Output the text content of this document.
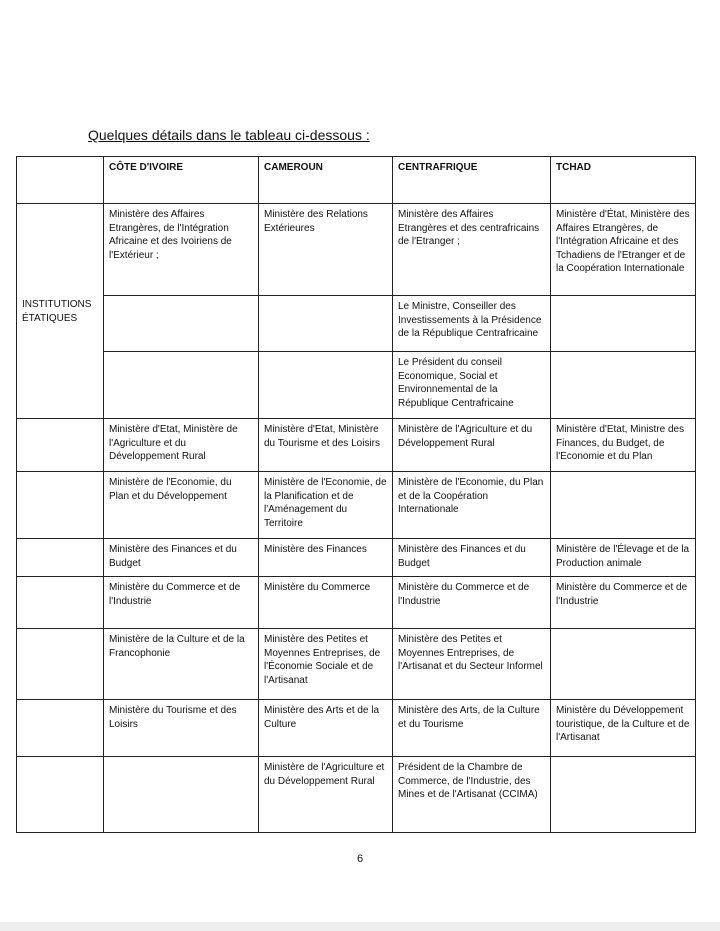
Quelques détails dans le tableau ci-dessous :
	CÔTE D'IVOIRE	CAMEROUN	CENTRAFRIQUE	TCHAD
INSTITUTIONS ÉTATIQUES	Ministère des Affaires Etrangères, de l'Intégration Africaine et des Ivoiriens de l'Extérieur ;	Ministère des Relations Extérieures	Ministère des Affaires Etrangères et des centrafricains de l'Etranger ;	Ministère d'État, Ministère des Affaires Etrangères, de l'Intégration Africaine et des Tchadiens de l'Etranger et de la Coopération Internationale
			Le Ministre, Conseiller des Investissements à la Présidence de la République Centrafricaine	
			Le Président du conseil Economique, Social et Environnemental de la République Centrafricaine	
	Ministère d'Etat, Ministère de l'Agriculture et du Développement Rural	Ministère d'Etat, Ministère du Tourisme et des Loisirs	Ministère de l'Agriculture et du Développement Rural	Ministère d'Etat, Ministre des Finances, du Budget, de l'Economie et du Plan
	Ministère de l'Economie, du Plan et du Développement	Ministère de l'Economie, de la Planification et de l'Aménagement du Territoire	Ministère de l'Economie, du Plan et de la Coopération Internationale	
	Ministère des Finances et du Budget	Ministère des Finances	Ministère des Finances et du Budget	Ministère de l'Élevage et de la Production animale
	Ministère du Commerce et de l'Industrie	Ministère du Commerce	Ministère du Commerce et de l'Industrie	Ministère du Commerce et de l'Industrie
	Ministère de la Culture et de la Francophonie	Ministère des Petites et Moyennes Entreprises, de l'Économie Sociale et de l'Artisanat	Ministère des Petites et Moyennes Entreprises, de l'Artisanat et du Secteur Informel	
	Ministère du Tourisme et des Loisirs	Ministère des Arts et de la Culture	Ministère des Arts, de la Culture et du Tourisme	Ministère du Développement touristique, de la Culture et de l'Artisanat
		Ministère de l'Agriculture et du Développement Rural	Président de la Chambre de Commerce, de l'Industrie, des Mines et de l'Artisanat (CCIMA)	
6
